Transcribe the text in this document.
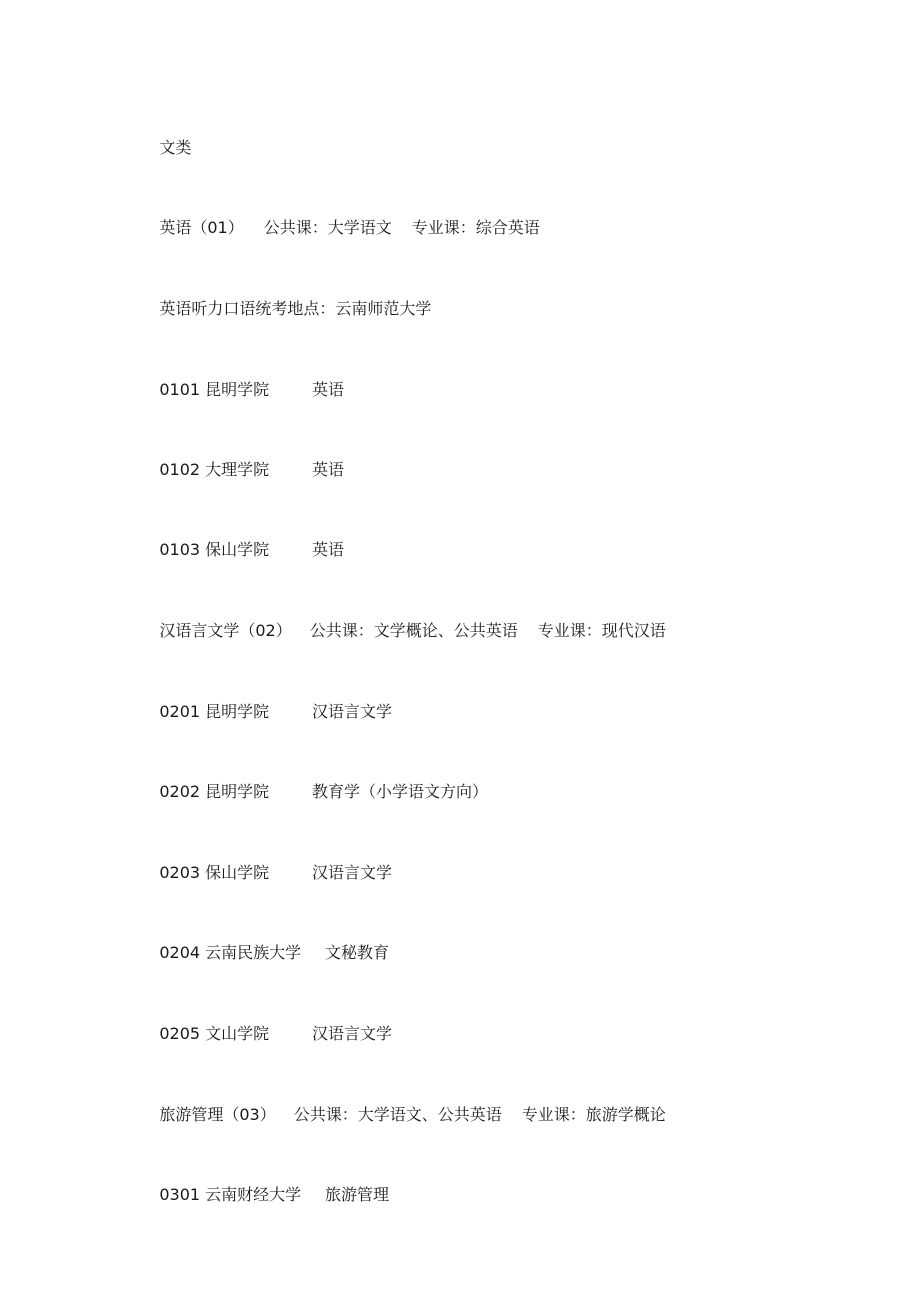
文类

英语（01） 公共课：大学语文 专业课：综合英语

英语听力口语统考地点：云南师范大学

0101 昆明学院	英语

0102 大理学院	英语

0103 保山学院	英语

汉语言文学（02） 公共课：文学概论、公共英语 专业课：现代汉语

0201 昆明学院	汉语言文学

0202 昆明学院	教育学（小学语文方向）

0203 保山学院	汉语言文学

0204 云南民族大学 文秘教育

0205 文山学院	汉语言文学

旅游管理（03） 公共课：大学语文、公共英语 专业课：旅游学概论

0301 云南财经大学 旅游管理
